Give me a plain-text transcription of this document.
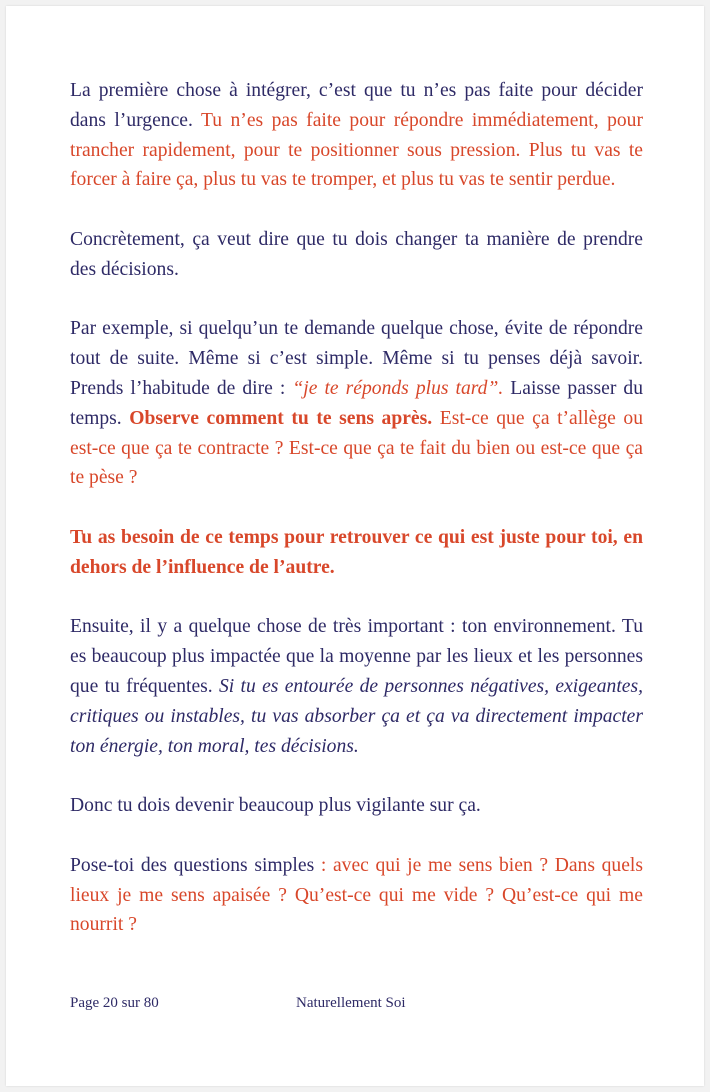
La première chose à intégrer, c’est que tu n’es pas faite pour décider dans l’urgence. Tu n’es pas faite pour répondre immédiatement, pour trancher rapidement, pour te positionner sous pression. Plus tu vas te forcer à faire ça, plus tu vas te tromper, et plus tu vas te sentir perdue.

Concrètement, ça veut dire que tu dois changer ta manière de prendre des décisions.

Par exemple, si quelqu’un te demande quelque chose, évite de répondre tout de suite. Même si c’est simple. Même si tu penses déjà savoir. Prends l’habitude de dire : “je te réponds plus tard”. Laisse passer du temps. Observe comment tu te sens après. Est-ce que ça t’allège ou est-ce que ça te contracte ? Est-ce que ça te fait du bien ou est-ce que ça te pèse ?

Tu as besoin de ce temps pour retrouver ce qui est juste pour toi, en dehors de l’influence de l’autre.

Ensuite, il y a quelque chose de très important : ton environnement. Tu es beaucoup plus impactée que la moyenne par les lieux et les personnes que tu fréquentes. Si tu es entourée de personnes négatives, exigeantes, critiques ou instables, tu vas absorber ça et ça va directement impacter ton énergie, ton moral, tes décisions.

Donc tu dois devenir beaucoup plus vigilante sur ça.

Pose-toi des questions simples : avec qui je me sens bien ? Dans quels lieux je me sens apaisée ? Qu’est-ce qui me vide ? Qu’est-ce qui me nourrit ?

Page 20 sur 80	Naturellement Soi
